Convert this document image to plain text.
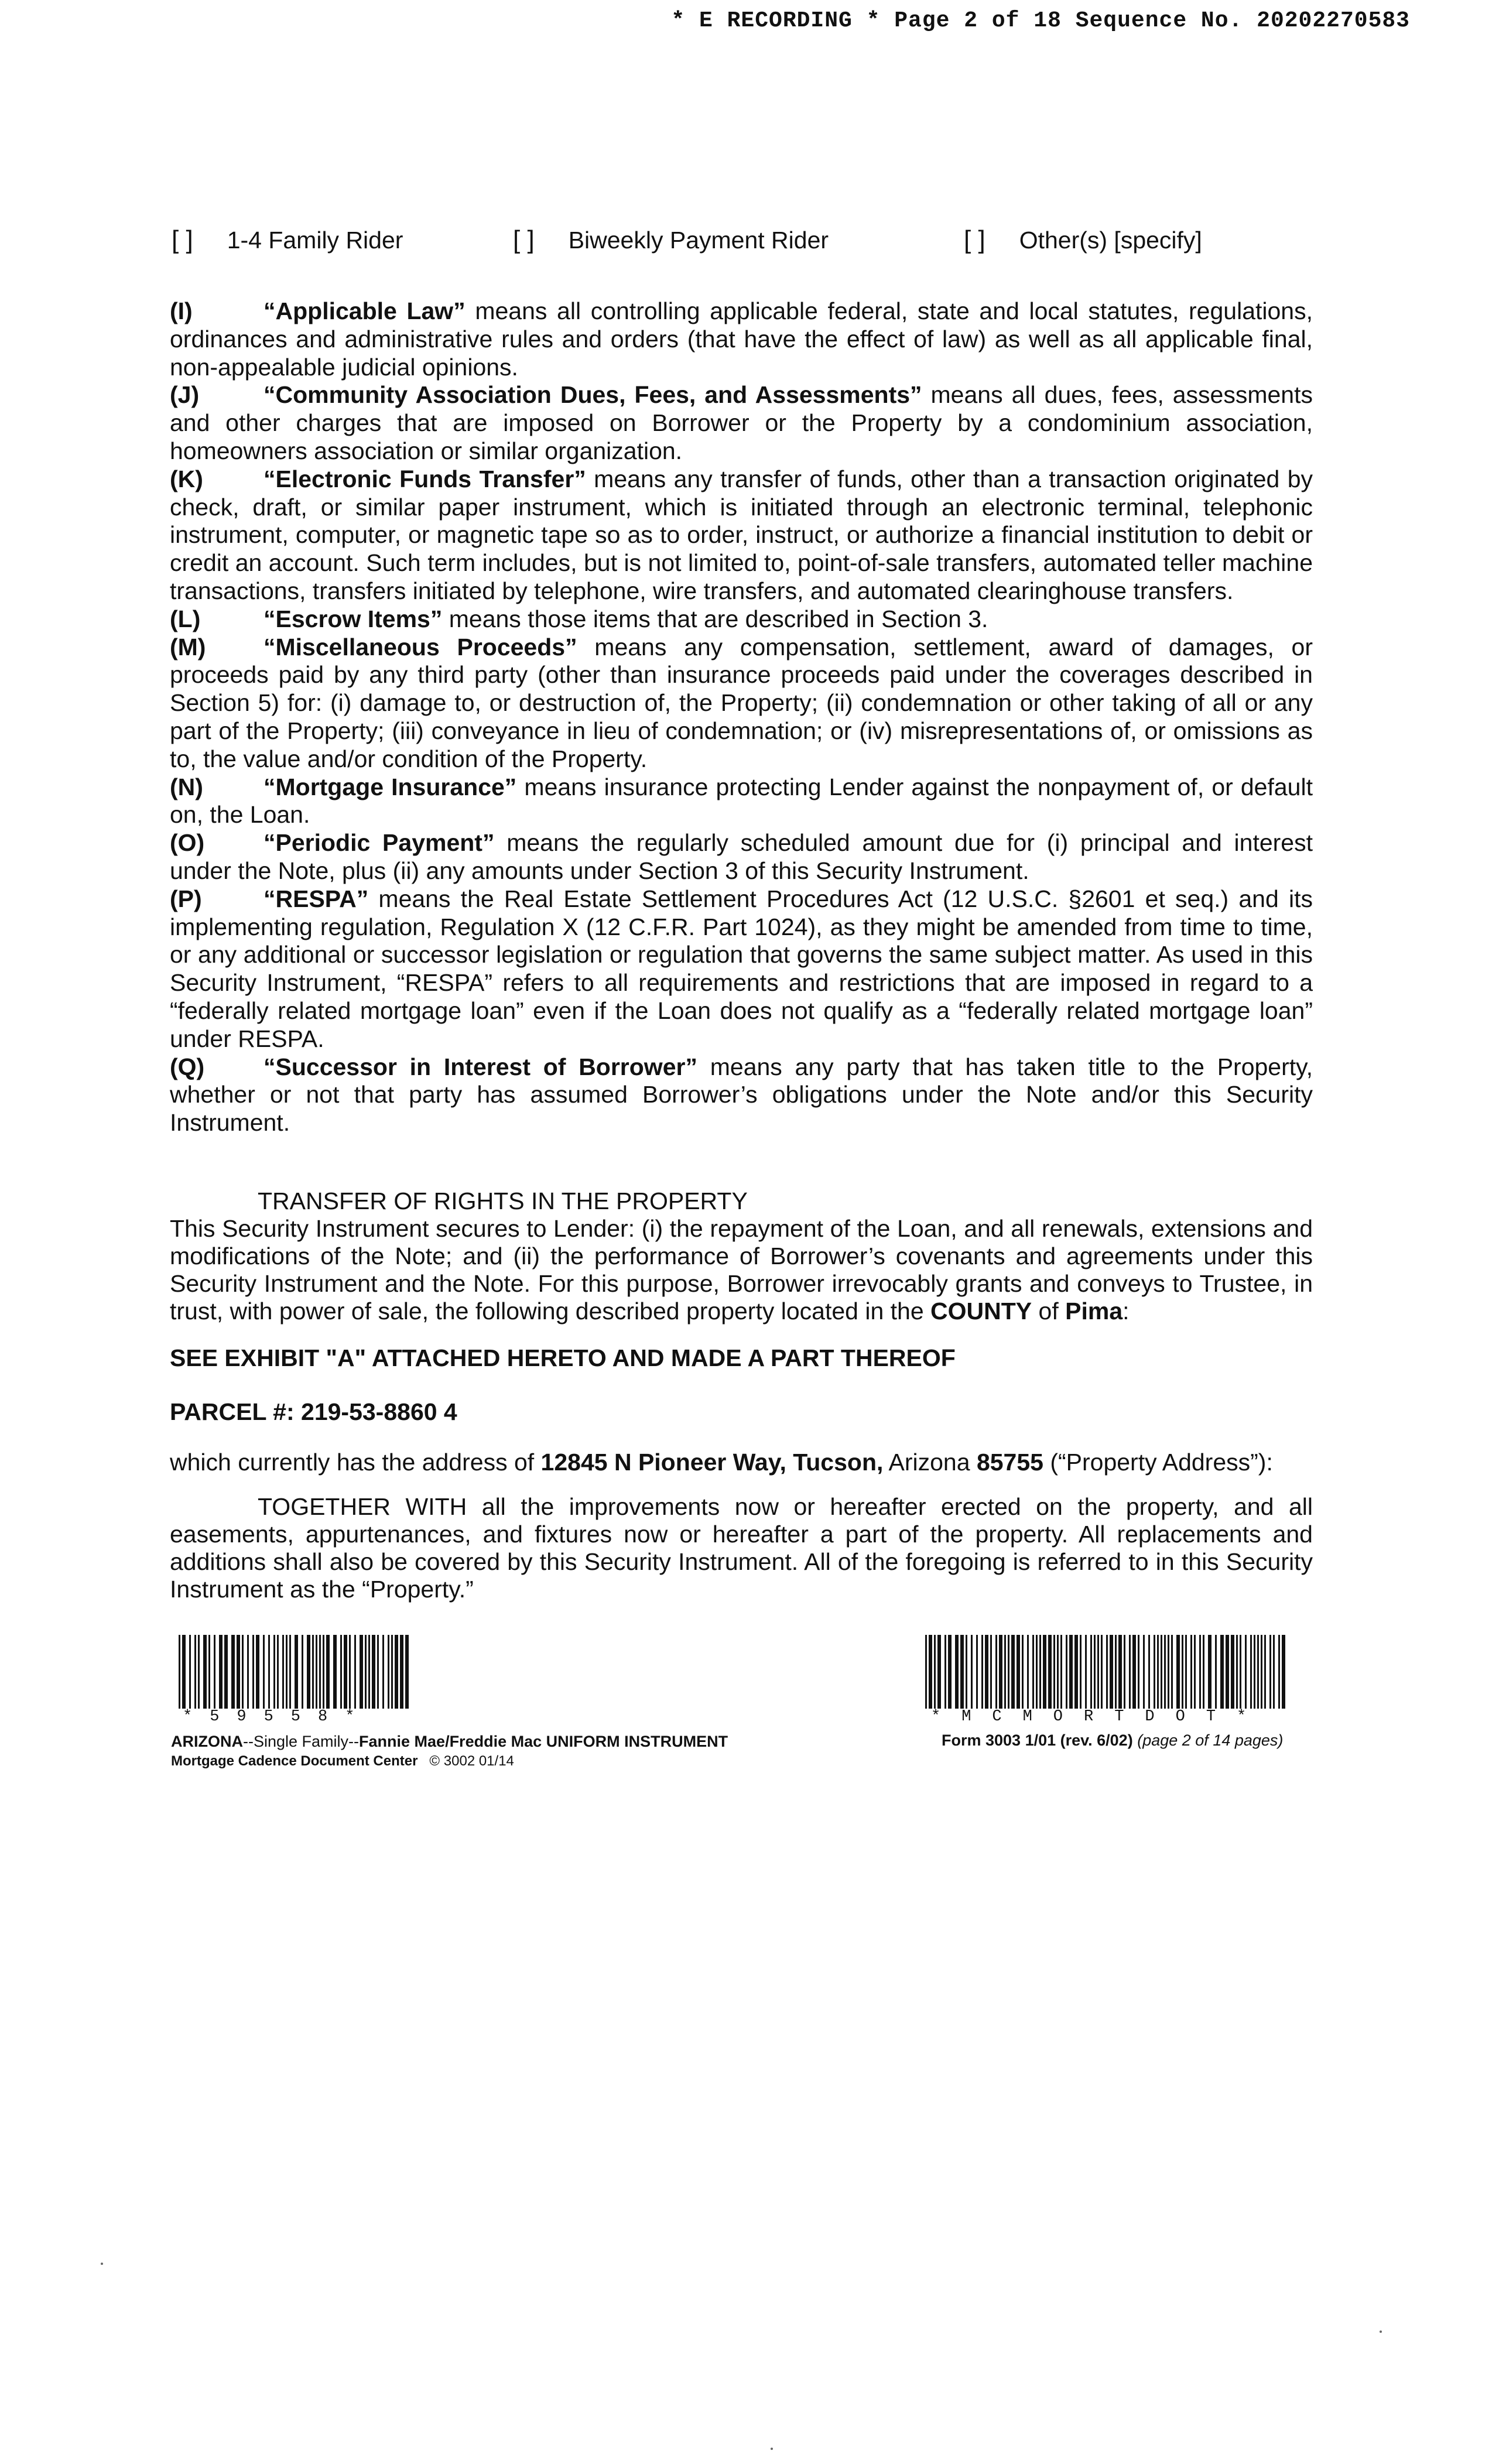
* E RECORDING * Page 2 of 18 Sequence No. 20202270583
[ ] 1-4 Family Rider	[ ] Biweekly Payment Rider	[ ] Other(s) [specify]

(I)	“Applicable Law” means all controlling applicable federal, state and local statutes, regulations, ordinances and administrative rules and orders (that have the effect of law) as well as all applicable final, non-appealable judicial opinions.

(J)	“Community Association Dues, Fees, and Assessments” means all dues, fees, assessments and other charges that are imposed on Borrower or the Property by a condominium association, homeowners association or similar organization.

(K)	“Electronic Funds Transfer” means any transfer of funds, other than a transaction originated by check, draft, or similar paper instrument, which is initiated through an electronic terminal, telephonic instrument, computer, or magnetic tape so as to order, instruct, or authorize a financial institution to debit or credit an account. Such term includes, but is not limited to, point-of-sale transfers, automated teller machine transactions, transfers initiated by telephone, wire transfers, and automated clearinghouse transfers.

(L)	“Escrow Items” means those items that are described in Section 3.

(M) “Miscellaneous Proceeds” means any compensation, settlement, award of damages, or proceeds paid by any third party (other than insurance proceeds paid under the coverages described in Section 5) for: (i) damage to, or destruction of, the Property; (ii) condemnation or other taking of all or any part of the Property; (iii) conveyance in lieu of condemnation; or (iv) misrepresentations of, or omissions as to, the value and/or condition of the Property.

(N)	“Mortgage Insurance” means insurance protecting Lender against the nonpayment of, or default on, the Loan.

(O) “Periodic Payment” means the regularly scheduled amount due for (i) principal and interest under the Note, plus (ii) any amounts under Section 3 of this Security Instrument.

(P)	“RESPA” means the Real Estate Settlement Procedures Act (12 U.S.C. §2601 et seq.) and its implementing regulation, Regulation X (12 C.F.R. Part 1024), as they might be amended from time to time, or any additional or successor legislation or regulation that governs the same subject matter. As used in this Security Instrument, “RESPA” refers to all requirements and restrictions that are imposed in regard to a “federally related mortgage loan” even if the Loan does not qualify as a “federally related mortgage loan” under RESPA.

(Q) “Successor in Interest of Borrower” means any party that has taken title to the Property, whether or not that party has assumed Borrower’s obligations under the Note and/or this Security Instrument.

TRANSFER OF RIGHTS IN THE PROPERTY

This Security Instrument secures to Lender: (i) the repayment of the Loan, and all renewals, extensions and modifications of the Note; and (ii) the performance of Borrower’s covenants and agreements under this Security Instrument and the Note. For this purpose, Borrower irrevocably grants and conveys to Trustee, in trust, with power of sale, the following described property located in the COUNTY of Pima:

SEE EXHIBIT "A" ATTACHED HERETO AND MADE A PART THEREOF
PARCEL #: 219-53-8860 4
which currently has the address of 12845 N Pioneer Way, Tucson, Arizona 85755 (“Property Address”):
TOGETHER WITH all the improvements now or hereafter erected on the property, and all easements, appurtenances, and fixtures now or hereafter a part of the property. All replacements and additions shall also be covered by this Security Instrument. All of the foregoing is referred to in this Security Instrument as the “Property.”
*59558*	*MCMORTDOT*
ARIZONA--Single Family--Fannie Mae/Freddie Mac UNIFORM INSTRUMENT
Mortgage Cadence Document Center © 3002 01/14
Form 3003 1/01 (rev. 6/02) (page 2 of 14 pages)
